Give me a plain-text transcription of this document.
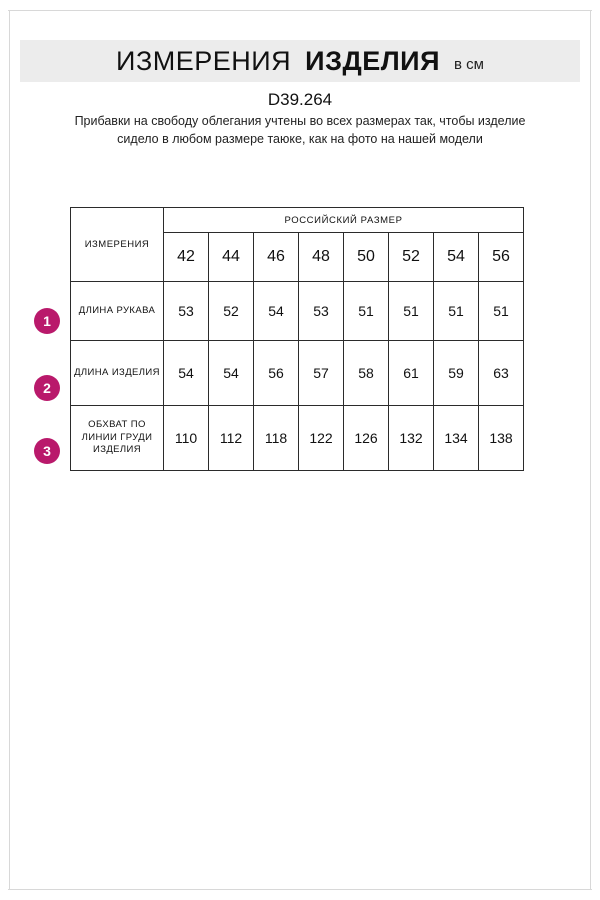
ИЗМЕРЕНИЯ ИЗДЕЛИЯ в см
D39.264
Прибавки на свободу облегания учтены во всех размерах так, чтобы изделие сидело в любом размере таюке, как на фото на нашей модели
1
2
3
ИЗМЕРЕНИЯ	РОССИЙСКИЙ РАЗМЕР							
	42	44	46	48	50	52	54	56
ДЛИНА РУКАВА	53	52	54	53	51	51	51	51
ДЛИНА ИЗДЕЛИЯ	54	54	56	57	58	61	59	63
ОБХВАТ ПО ЛИНИИ ГРУДИ ИЗДЕЛИЯ	110	112	118	122	126	132	134	138
